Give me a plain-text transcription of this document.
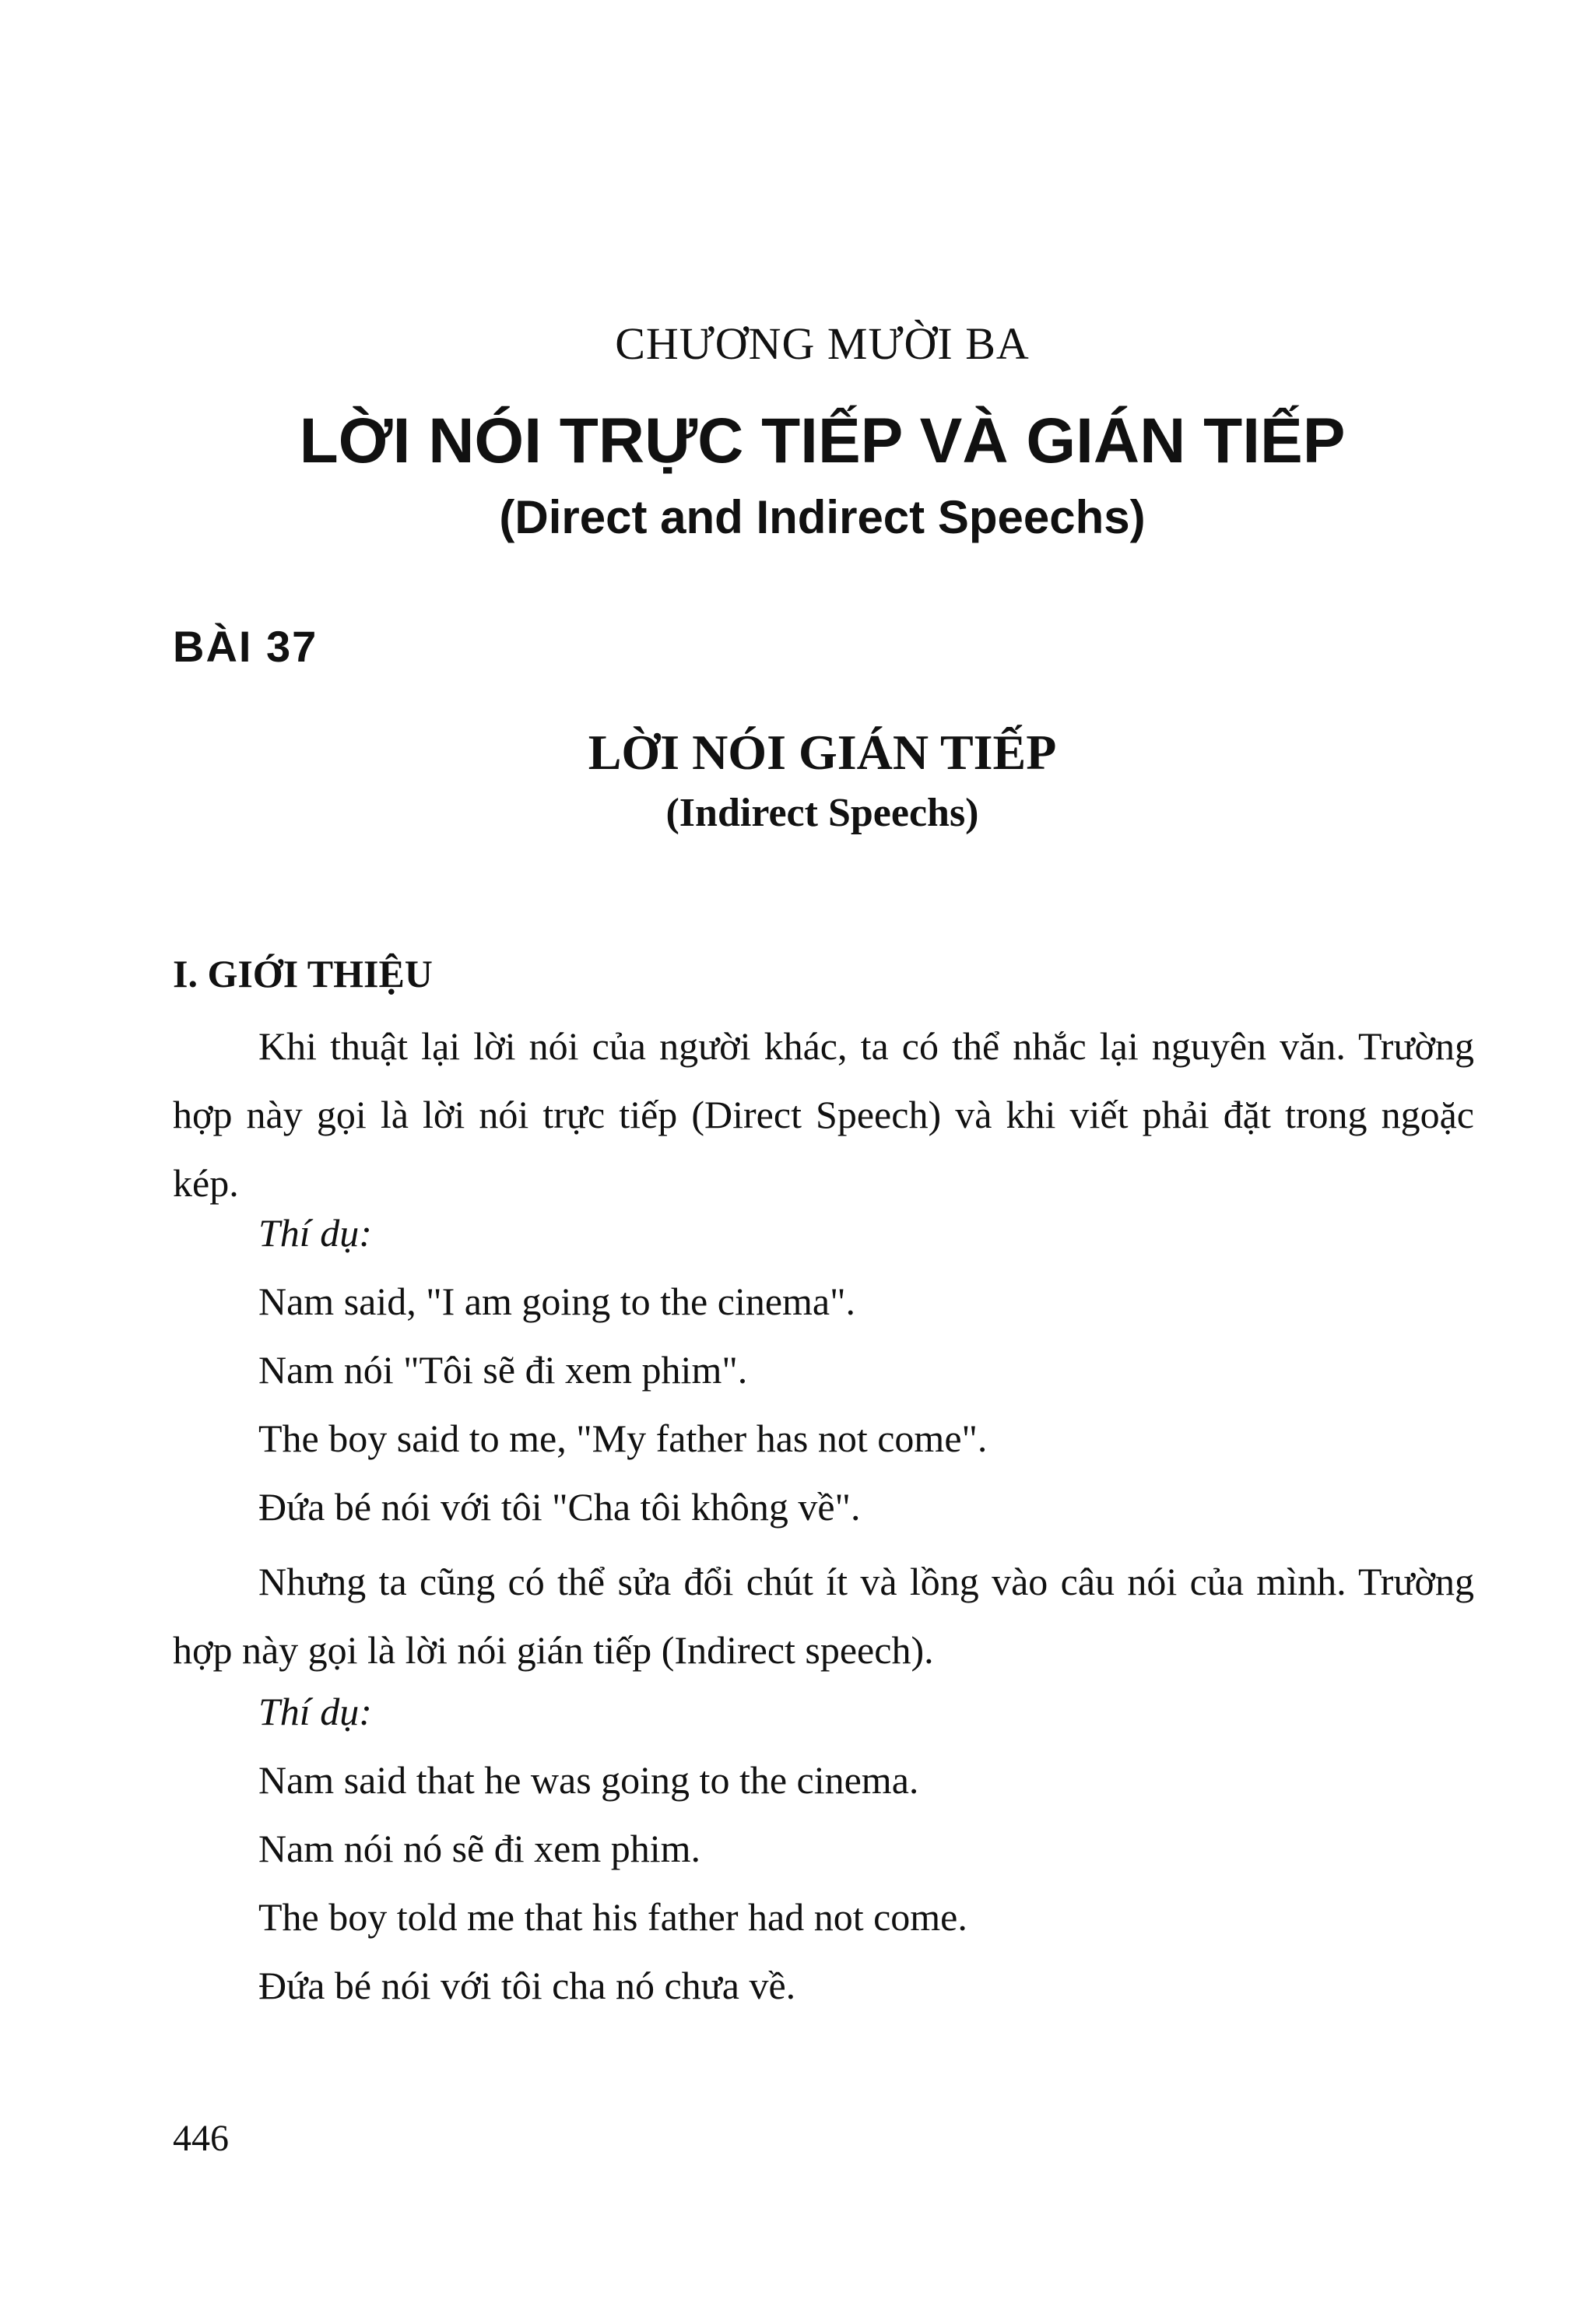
CHƯƠNG MƯỜI BA
LỜI NÓI TRỰC TIẾP VÀ GIÁN TIẾP
(Direct and Indirect Speechs)
BÀI 37
LỜI NÓI GIÁN TIẾP
(Indirect Speechs)
I. GIỚI THIỆU

Khi thuật lại lời nói của người khác, ta có thể nhắc lại nguyên văn. Trường hợp này gọi là lời nói trực tiếp (Direct Speech) và khi viết phải đặt trong ngoặc kép.

Thí dụ:
Nam said, "I am going to the cinema".
Nam nói "Tôi sẽ đi xem phim".
The boy said to me, "My father has not come".
Đứa bé nói với tôi "Cha tôi không về".

Nhưng ta cũng có thể sửa đổi chút ít và lồng vào câu nói của mình. Trường hợp này gọi là lời nói gián tiếp (Indirect speech).

Thí dụ:
Nam said that he was going to the cinema.
Nam nói nó sẽ đi xem phim.
The boy told me that his father had not come.
Đứa bé nói với tôi cha nó chưa về.
446
